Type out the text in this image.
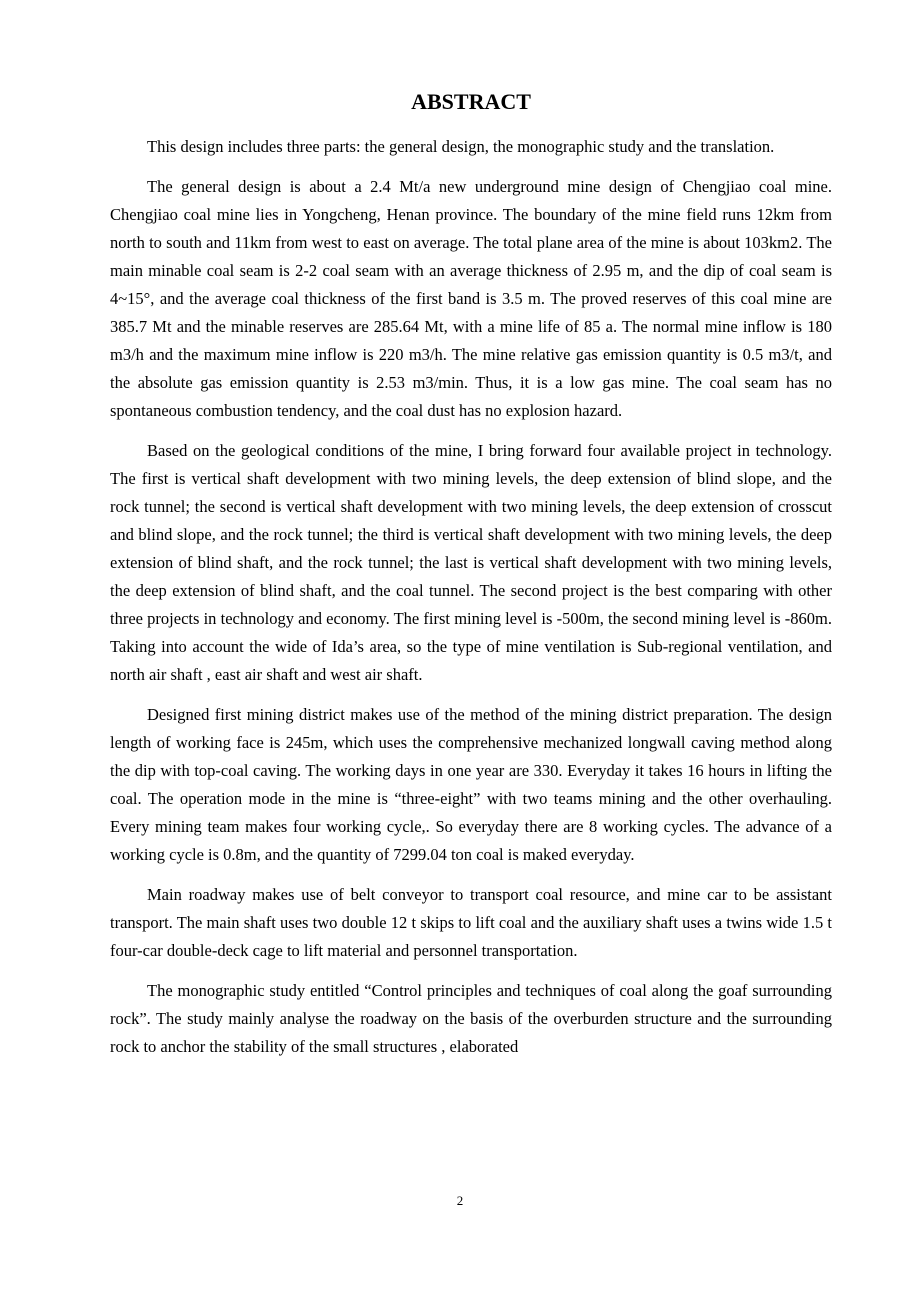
ABSTRACT

This design includes three parts: the general design, the monographic study and the translation.

The general design is about a 2.4 Mt/a new underground mine design of Chengjiao coal mine. Chengjiao coal mine lies in Yongcheng, Henan province. The boundary of the mine field runs 12km from north to south and 11km from west to east on average. The total plane area of the mine is about 103km2. The main minable coal seam is 2-2 coal seam with an average thickness of 2.95 m, and the dip of coal seam is 4~15°, and the average coal thickness of the first band is 3.5 m. The proved reserves of this coal mine are 385.7 Mt and the minable reserves are 285.64 Mt, with a mine life of 85 a. The normal mine inflow is 180 m3/h and the maximum mine inflow is 220 m3/h. The mine relative gas emission quantity is 0.5 m3/t, and the absolute gas emission quantity is 2.53 m3/min. Thus, it is a low gas mine. The coal seam has no spontaneous combustion tendency, and the coal dust has no explosion hazard.

Based on the geological conditions of the mine, I bring forward four available project in technology. The first is vertical shaft development with two mining levels, the deep extension of blind slope, and the rock tunnel; the second is vertical shaft development with two mining levels, the deep extension of crosscut and blind slope, and the rock tunnel; the third is vertical shaft development with two mining levels, the deep extension of blind shaft, and the rock tunnel; the last is vertical shaft development with two mining levels, the deep extension of blind shaft, and the coal tunnel. The second project is the best comparing with other three projects in technology and economy. The first mining level is -500m, the second mining level is -860m. Taking into account the wide of Ida’s area, so the type of mine ventilation is Sub-regional ventilation, and north air shaft , east air shaft and west air shaft.

Designed first mining district makes use of the method of the mining district preparation. The design length of working face is 245m, which uses the comprehensive mechanized longwall caving method along the dip with top-coal caving. The working days in one year are 330. Everyday it takes 16 hours in lifting the coal. The operation mode in the mine is “three-eight” with two teams mining and the other overhauling. Every mining team makes four working cycle,. So everyday there are 8 working cycles. The advance of a working cycle is 0.8m, and the quantity of 7299.04 ton coal is maked everyday.

Main roadway makes use of belt conveyor to transport coal resource, and mine car to be assistant transport. The main shaft uses two double 12 t skips to lift coal and the auxiliary shaft uses a twins wide 1.5 t four-car double-deck cage to lift material and personnel transportation.

The monographic study entitled “Control principles and techniques of coal along the goaf surrounding rock”. The study mainly analyse the roadway on the basis of the overburden structure and the surrounding rock to anchor the stability of the small structures , elaborated

2
